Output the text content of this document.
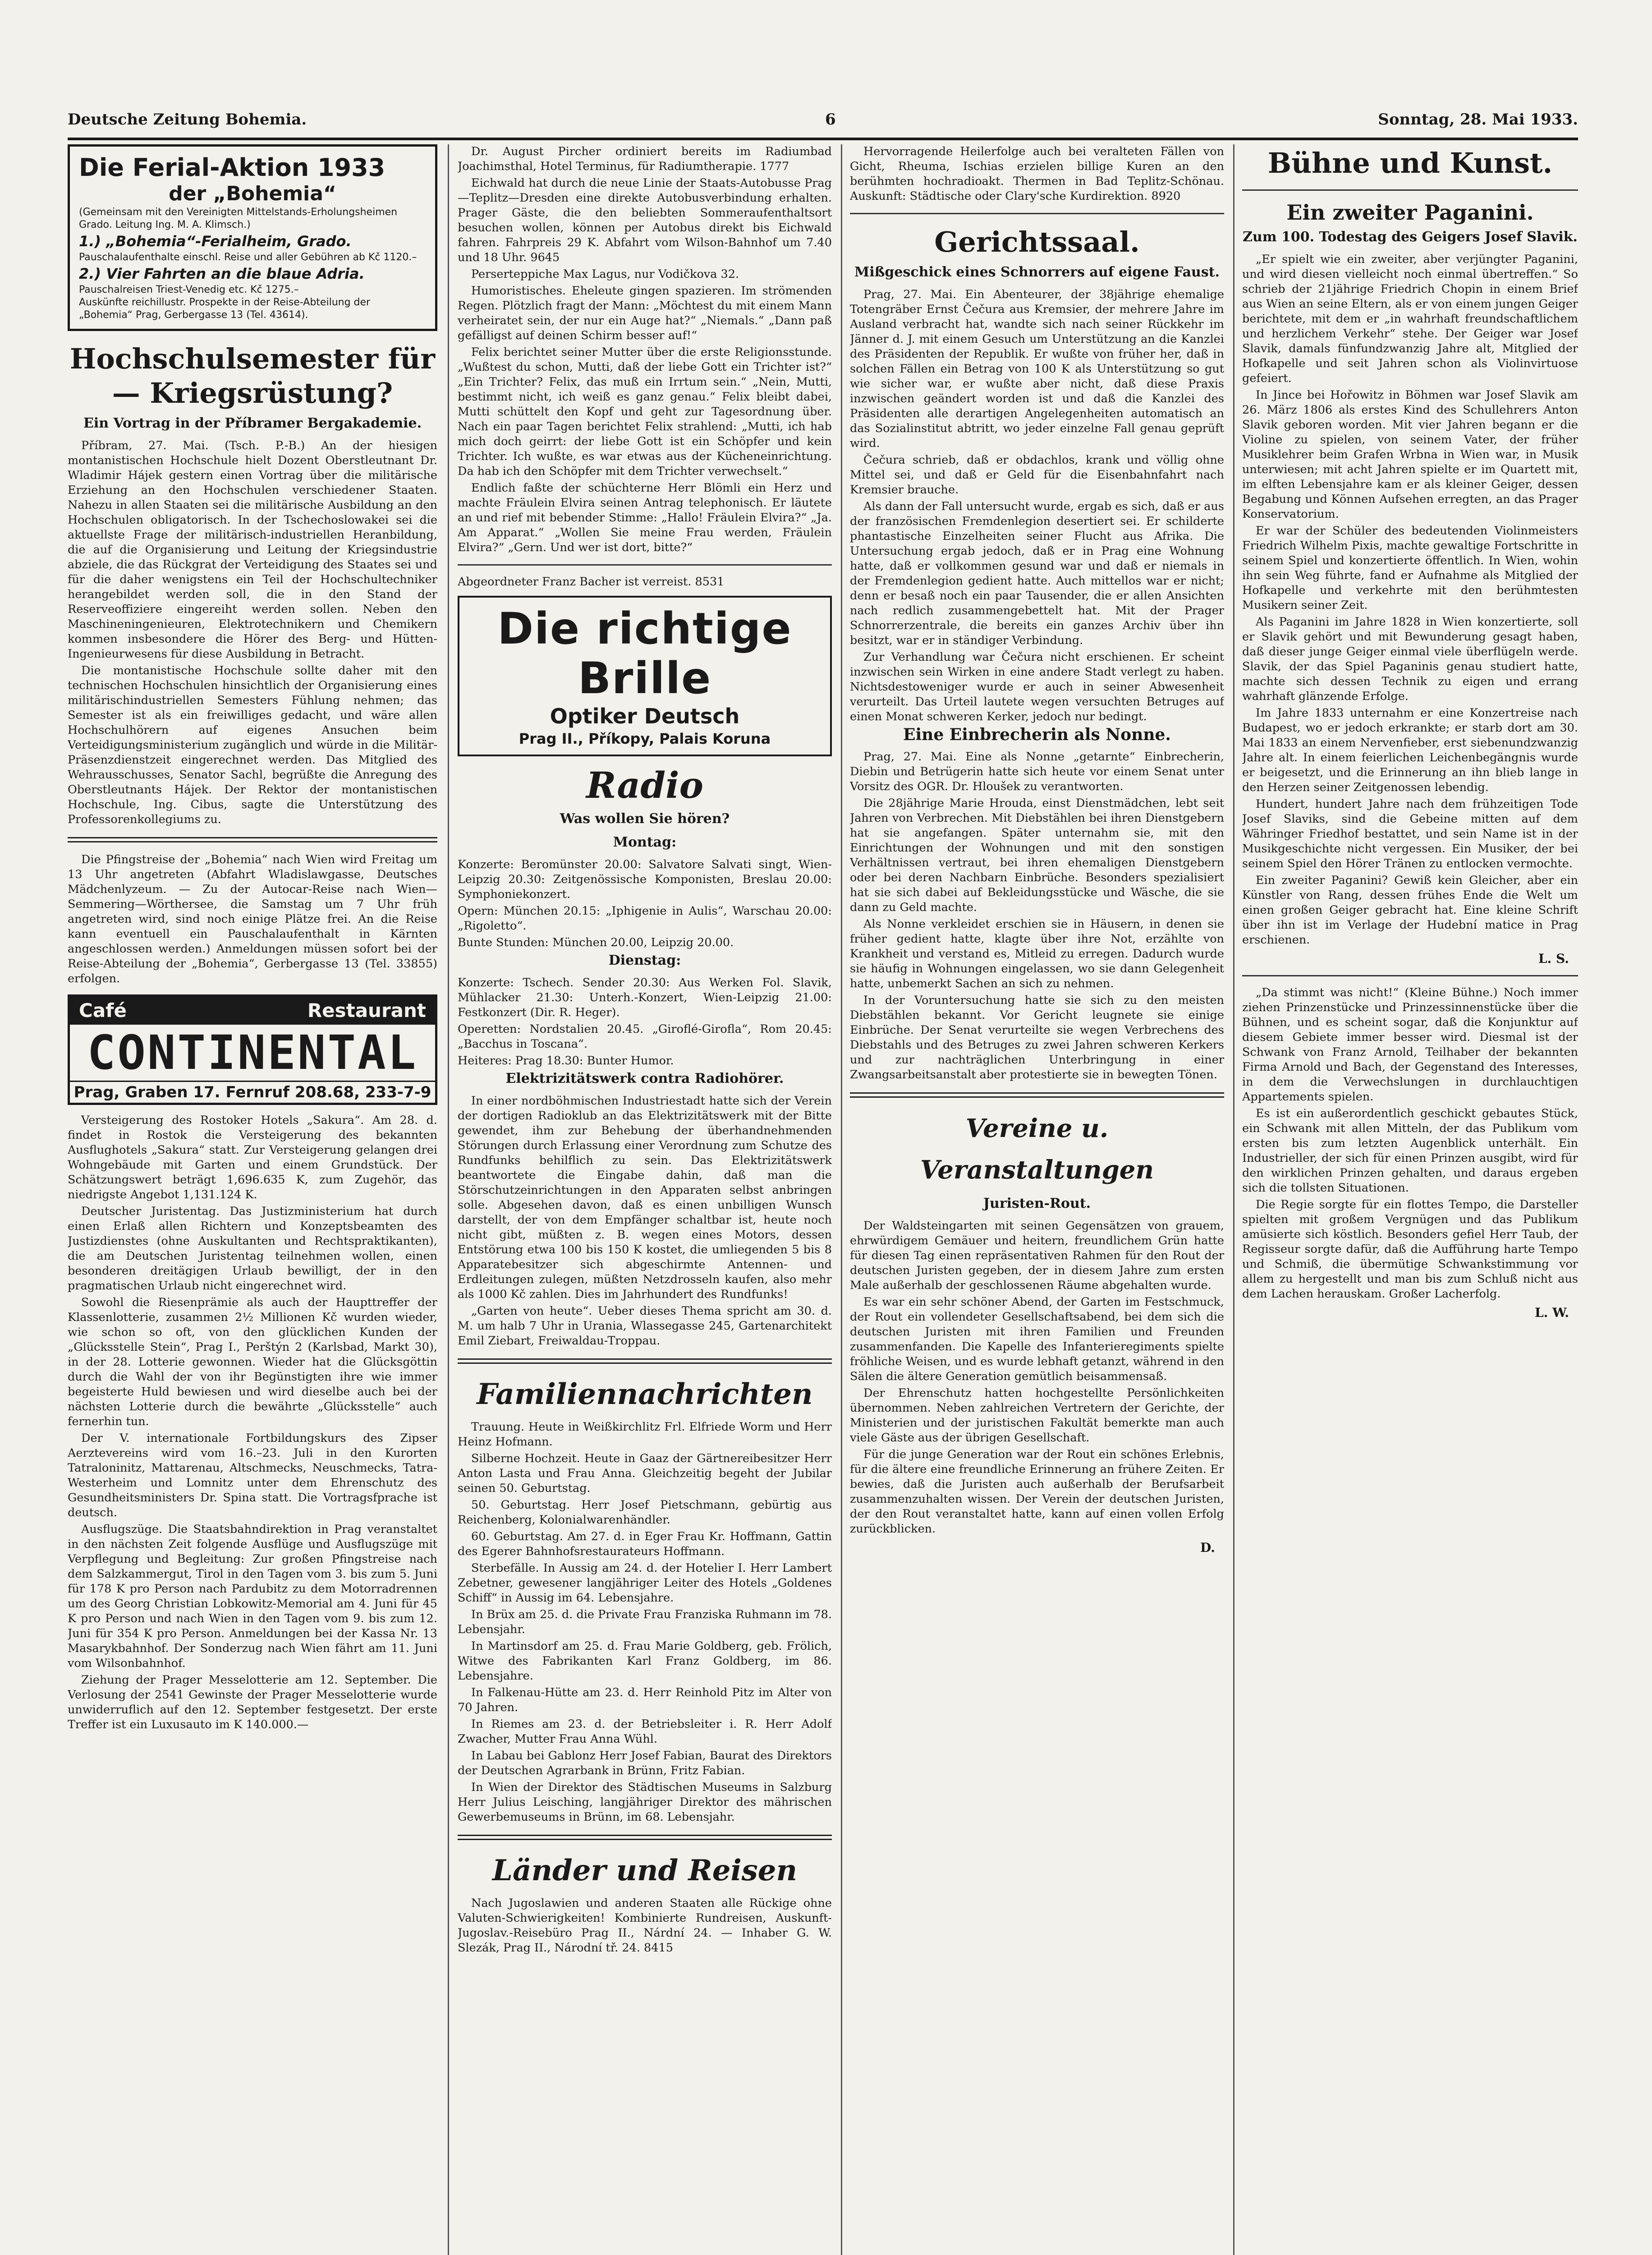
Deutsche Zeitung Bohemia.	6	Sonntag, 28. Mai 1933.
Die Ferial-Aktion 1933
der „Bohemia“
(Gemeinsam mit den Vereinigten Mittelstands-Erholungsheimen Grado. Leitung Ing. M. A. Klimsch.)
1.) „Bohemia“-Ferialheim, Grado.
Pauschalaufenthalte einschl. Reise und aller Gebühren ab Kč 1120.–
2.) Vier Fahrten an die blaue Adria.
Pauschalreisen Triest-Venedig etc. Kč 1275.–
Auskünfte reichillustr. Prospekte in der Reise-Abteilung der „Bohemia“ Prag, Gerbergasse 13 (Tel. 43614).
Hochschulsemester für — Kriegsrüstung?
Ein Vortrag in der Příbramer Bergakademie.

Příbram, 27. Mai. (Tsch. P.-B.) An der hiesigen montanistischen Hochschule hielt Dozent Oberstleutnant Dr. Wladimir Hájek gestern einen Vortrag über die militärische Erziehung an den Hochschulen verschiedener Staaten. Nahezu in allen Staaten sei die militärische Ausbildung an den Hochschulen obligatorisch. In der Tschechoslowakei sei die aktuellste Frage der militärisch-industriellen Heranbildung, die auf die Organisierung und Leitung der Kriegsindustrie abziele, die das Rückgrat der Verteidigung des Staates sei und für die daher wenigstens ein Teil der Hochschultechniker herangebildet werden soll, die in den Stand der Reserveoffiziere eingereiht werden sollen. Neben den Maschineningenieuren, Elektrotechnikern und Chemikern kommen insbesondere die Hörer des Berg- und Hütten-Ingenieurwesens für diese Ausbildung in Betracht.

Die montanistische Hochschule sollte daher mit den technischen Hochschulen hinsichtlich der Organisierung eines militärischindustriellen Semesters Fühlung nehmen; das Semester ist als ein freiwilliges gedacht, und wäre allen Hochschulhörern auf eigenes Ansuchen beim Verteidigungsministerium zugänglich und würde in die Militär-Präsenzdienstzeit eingerechnet werden. Das Mitglied des Wehrausschusses, Senator Sachl, begrüßte die Anregung des Oberstleutnants Hájek. Der Rektor der montanistischen Hochschule, Ing. Cibus, sagte die Unterstützung des Professorenkollegiums zu.

Die Pfingstreise der „Bohemia“ nach Wien wird Freitag um 13 Uhr angetreten (Abfahrt Wladislawgasse, Deutsches Mädchenlyzeum. — Zu der Autocar-Reise nach Wien—Semmering—Wörthersee, die Samstag um 7 Uhr früh angetreten wird, sind noch einige Plätze frei. An die Reise kann eventuell ein Pauschalaufenthalt in Kärnten angeschlossen werden.) Anmeldungen müssen sofort bei der Reise-Abteilung der „Bohemia“, Gerbergasse 13 (Tel. 33855) erfolgen.

Café	Restaurant
CONTINENTAL
Prag, Graben 17. Fernruf 208.68, 233-7-9

Versteigerung des Rostoker Hotels „Sakura“. Am 28. d. findet in Rostok die Versteigerung des bekannten Ausflughotels „Sakura“ statt. Zur Versteigerung gelangen drei Wohngebäude mit Garten und einem Grundstück. Der Schätzungswert beträgt 1,696.635 K, zum Zugehör, das niedrigste Angebot 1,131.124 K.

Deutscher Juristentag. Das Justizministerium hat durch einen Erlaß allen Richtern und Konzeptsbeamten des Justizdienstes (ohne Auskultanten und Rechtspraktikanten), die am Deutschen Juristentag teilnehmen wollen, einen besonderen dreitägigen Urlaub bewilligt, der in den pragmatischen Urlaub nicht eingerechnet wird.

Sowohl die Riesenprämie als auch der Haupttreffer der Klassenlotterie, zusammen 2½ Millionen Kč wurden wieder, wie schon so oft, von den glücklichen Kunden der „Glücksstelle Stein“, Prag I., Perštýn 2 (Karlsbad, Markt 30), in der 28. Lotterie gewonnen. Wieder hat die Glücksgöttin durch die Wahl der von ihr Begünstigten ihre wie immer begeisterte Huld bewiesen und wird dieselbe auch bei der nächsten Lotterie durch die bewährte „Glücksstelle“ auch fernerhin tun.

Der V. internationale Fortbildungskurs des Zipser Aerztevereins wird vom 16.–23. Juli in den Kurorten Tatraloninitz, Mattarenau, Altschmecks, Neuschmecks, Tatra-Westerheim und Lomnitz unter dem Ehrenschutz des Gesundheitsministers Dr. Spina statt. Die Vortragsfprache ist deutsch.

Ausflugszüge. Die Staatsbahndirektion in Prag veranstaltet in den nächsten Zeit folgende Ausflüge und Ausflugszüge mit Verpflegung und Begleitung: Zur großen Pfingstreise nach dem Salzkammergut, Tirol in den Tagen vom 3. bis zum 5. Juni für 178 K pro Person nach Pardubitz zu dem Motorradrennen um des Georg Christian Lobkowitz-Memorial am 4. Juni für 45 K pro Person und nach Wien in den Tagen vom 9. bis zum 12. Juni für 354 K pro Person. Anmeldungen bei der Kassa Nr. 13 Masarykbahnhof. Der Sonderzug nach Wien fährt am 11. Juni vom Wilsonbahnhof.

Ziehung der Prager Messelotterie am 12. September. Die Verlosung der 2541 Gewinste der Prager Messelotterie wurde unwiderruflich auf den 12. September festgesetzt. Der erste Treffer ist ein Luxusauto im K 140.000.—

Dr. August Pircher ordiniert bereits im Radiumbad Joachimsthal, Hotel Terminus, für Radiumtherapie. 1777

Eichwald hat durch die neue Linie der Staats-Autobusse Prag—Teplitz—Dresden eine direkte Autobusverbindung erhalten. Prager Gäste, die den beliebten Sommeraufenthaltsort besuchen wollen, können per Autobus direkt bis Eichwald fahren. Fahrpreis 29 K. Abfahrt vom Wilson-Bahnhof um 7.40 und 18 Uhr. 9645

Perserteppiche Max Lagus, nur Vodičkova 32.

Humoristisches. Eheleute gingen spazieren. Im strömenden Regen. Plötzlich fragt der Mann: „Möchtest du mit einem Mann verheiratet sein, der nur ein Auge hat?“ „Niemals.“ „Dann paß gefälligst auf deinen Schirm besser auf!“

Felix berichtet seiner Mutter über die erste Religionsstunde. „Wußtest du schon, Mutti, daß der liebe Gott ein Trichter ist?“ „Ein Trichter? Felix, das muß ein Irrtum sein.“ „Nein, Mutti, bestimmt nicht, ich weiß es ganz genau.“ Felix bleibt dabei, Mutti schüttelt den Kopf und geht zur Tagesordnung über. Nach ein paar Tagen berichtet Felix strahlend: „Mutti, ich hab mich doch geirrt: der liebe Gott ist ein Schöpfer und kein Trichter. Ich wußte, es war etwas aus der Kücheneinrichtung. Da hab ich den Schöpfer mit dem Trichter verwechselt.“

Endlich faßte der schüchterne Herr Blömli ein Herz und machte Fräulein Elvira seinen Antrag telephonisch. Er läutete an und rief mit bebender Stimme: „Hallo! Fräulein Elvira?“ „Ja. Am Apparat.“ „Wollen Sie meine Frau werden, Fräulein Elvira?“ „Gern. Und wer ist dort, bitte?“

Abgeordneter Franz Bacher ist verreist. 8531

Die richtige Brille
Optiker Deutsch
Prag II., Příkopy, Palais Koruna
Radio
Was wollen Sie hören?
Montag:

Konzerte: Beromünster 20.00: Salvatore Salvati singt, Wien-Leipzig 20.30: Zeitgenössische Komponisten, Breslau 20.00: Symphoniekonzert.

Opern: München 20.15: „Iphigenie in Aulis“, Warschau 20.00: „Rigoletto“.

Bunte Stunden: München 20.00, Leipzig 20.00.

Dienstag:

Konzerte: Tschech. Sender 20.30: Aus Werken Fol. Slavik, Mühlacker 21.30: Unterh.-Konzert, Wien-Leipzig 21.00: Festkonzert (Dir. R. Heger).

Operetten: Nordstalien 20.45. „Giroflé-Girofla“, Rom 20.45: „Bacchus in Toscana“.

Heiteres: Prag 18.30: Bunter Humor.

Elektrizitätswerk contra Radiohörer.

In einer nordböhmischen Industriestadt hatte sich der Verein der dortigen Radioklub an das Elektrizitätswerk mit der Bitte gewendet, ihm zur Behebung der überhandnehmenden Störungen durch Erlassung einer Verordnung zum Schutze des Rundfunks behilflich zu sein. Das Elektrizitätswerk beantwortete die Eingabe dahin, daß man die Störschutzeinrichtungen in den Apparaten selbst anbringen solle. Abgesehen davon, daß es einen unbilligen Wunsch darstellt, der von dem Empfänger schaltbar ist, heute noch nicht gibt, müßten z. B. wegen eines Motors, dessen Entstörung etwa 100 bis 150 K kostet, die umliegenden 5 bis 8 Apparatebesitzer sich abgeschirmte Antennen- und Erdleitungen zulegen, müßten Netzdrosseln kaufen, also mehr als 1000 Kč zahlen. Dies im Jahrhundert des Rundfunks!

„Garten von heute“. Ueber dieses Thema spricht am 30. d. M. um halb 7 Uhr in Urania, Wlassegasse 245, Gartenarchitekt Emil Ziebart, Freiwaldau-Troppau.

Familiennachrichten

Trauung. Heute in Weißkirchlitz Frl. Elfriede Worm und Herr Heinz Hofmann.

Silberne Hochzeit. Heute in Gaaz der Gärtnereibesitzer Herr Anton Lasta und Frau Anna. Gleichzeitig begeht der Jubilar seinen 50. Geburtstag.

50. Geburtstag. Herr Josef Pietschmann, gebürtig aus Reichenberg, Kolonialwarenhändler.

60. Geburtstag. Am 27. d. in Eger Frau Kr. Hoffmann, Gattin des Egerer Bahnhofsrestaurateurs Hoffmann.

Sterbefälle. In Aussig am 24. d. der Hotelier I. Herr Lambert Zebetner, gewesener langjähriger Leiter des Hotels „Goldenes Schiff“ in Aussig im 64. Lebensjahre.

In Brüx am 25. d. die Private Frau Franziska Ruhmann im 78. Lebensjahr.

In Martinsdorf am 25. d. Frau Marie Goldberg, geb. Frölich, Witwe des Fabrikanten Karl Franz Goldberg, im 86. Lebensjahre.

In Falkenau-Hütte am 23. d. Herr Reinhold Pitz im Alter von 70 Jahren.

In Riemes am 23. d. der Betriebsleiter i. R. Herr Adolf Zwacher, Mutter Frau Anna Wühl.

In Labau bei Gablonz Herr Josef Fabian, Baurat des Direktors der Deutschen Agrarbank in Brünn, Fritz Fabian.

In Wien der Direktor des Städtischen Museums in Salzburg Herr Julius Leisching, langjähriger Direktor des mährischen Gewerbemuseums in Brünn, im 68. Lebensjahr.

Länder und Reisen

Nach Jugoslawien und anderen Staaten alle Rückige ohne Valuten-Schwierigkeiten! Kombinierte Rundreisen, Auskunft-Jugoslav.-Reisebüro Prag II., Nárdní 24. — Inhaber G. W. Slezák, Prag II., Národní tř. 24. 8415

Hervorragende Heilerfolge auch bei veralteten Fällen von Gicht, Rheuma, Ischias erzielen billige Kuren an den berühmten hochradioakt. Thermen in Bad Teplitz-Schönau. Auskunft: Städtische oder Clary'sche Kurdirektion. 8920

Gerichtssaal.
Mißgeschick eines Schnorrers auf eigene Faust.

Prag, 27. Mai. Ein Abenteurer, der 38jährige ehemalige Totengräber Ernst Čečura aus Kremsier, der mehrere Jahre im Ausland verbracht hat, wandte sich nach seiner Rückkehr im Jänner d. J. mit einem Gesuch um Unterstützung an die Kanzlei des Präsidenten der Republik. Er wußte von früher her, daß in solchen Fällen ein Betrag von 100 K als Unterstützung so gut wie sicher war, er wußte aber nicht, daß diese Praxis inzwischen geändert worden ist und daß die Kanzlei des Präsidenten alle derartigen Angelegenheiten automatisch an das Sozialinstitut abtritt, wo jeder einzelne Fall genau geprüft wird.

Čečura schrieb, daß er obdachlos, krank und völlig ohne Mittel sei, und daß er Geld für die Eisenbahnfahrt nach Kremsier brauche.

Als dann der Fall untersucht wurde, ergab es sich, daß er aus der französischen Fremdenlegion desertiert sei. Er schilderte phantastische Einzelheiten seiner Flucht aus Afrika. Die Untersuchung ergab jedoch, daß er in Prag eine Wohnung hatte, daß er vollkommen gesund war und daß er niemals in der Fremdenlegion gedient hatte. Auch mittellos war er nicht; denn er besaß noch ein paar Tausender, die er allen Ansichten nach redlich zusammengebettelt hat. Mit der Prager Schnorrerzentrale, die bereits ein ganzes Archiv über ihn besitzt, war er in ständiger Verbindung.

Zur Verhandlung war Čečura nicht erschienen. Er scheint inzwischen sein Wirken in eine andere Stadt verlegt zu haben. Nichtsdestoweniger wurde er auch in seiner Abwesenheit verurteilt. Das Urteil lautete wegen versuchten Betruges auf einen Monat schweren Kerker, jedoch nur bedingt.

Eine Einbrecherin als Nonne.

Prag, 27. Mai. Eine als Nonne „getarnte“ Einbrecherin, Diebin und Betrügerin hatte sich heute vor einem Senat unter Vorsitz des OGR. Dr. Hloušek zu verantworten.

Die 28jährige Marie Hrouda, einst Dienstmädchen, lebt seit Jahren von Verbrechen. Mit Diebstählen bei ihren Dienstgebern hat sie angefangen. Später unternahm sie, mit den Einrichtungen der Wohnungen und mit den sonstigen Verhältnissen vertraut, bei ihren ehemaligen Dienstgebern oder bei deren Nachbarn Einbrüche. Besonders spezialisiert hat sie sich dabei auf Bekleidungsstücke und Wäsche, die sie dann zu Geld machte.

Als Nonne verkleidet erschien sie in Häusern, in denen sie früher gedient hatte, klagte über ihre Not, erzählte von Krankheit und verstand es, Mitleid zu erregen. Dadurch wurde sie häufig in Wohnungen eingelassen, wo sie dann Gelegenheit hatte, unbemerkt Sachen an sich zu nehmen.

In der Voruntersuchung hatte sie sich zu den meisten Diebstählen bekannt. Vor Gericht leugnete sie einige Einbrüche. Der Senat verurteilte sie wegen Verbrechens des Diebstahls und des Betruges zu zwei Jahren schweren Kerkers und zur nachträglichen Unterbringung in einer Zwangsarbeitsanstalt aber protestierte sie in bewegten Tönen.

Vereine u. Veranstaltungen
Juristen-Rout.

Der Waldsteingarten mit seinen Gegensätzen von grauem, ehrwürdigem Gemäuer und heitern, freundlichem Grün hatte für diesen Tag einen repräsentativen Rahmen für den Rout der deutschen Juristen gegeben, der in diesem Jahre zum ersten Male außerhalb der geschlossenen Räume abgehalten wurde.

Es war ein sehr schöner Abend, der Garten im Festschmuck, der Rout ein vollendeter Gesellschaftsabend, bei dem sich die deutschen Juristen mit ihren Familien und Freunden zusammenfanden. Die Kapelle des Infanterieregiments spielte fröhliche Weisen, und es wurde lebhaft getanzt, während in den Sälen die ältere Generation gemütlich beisammensaß.

Der Ehrenschutz hatten hochgestellte Persönlichkeiten übernommen. Neben zahlreichen Vertretern der Gerichte, der Ministerien und der juristischen Fakultät bemerkte man auch viele Gäste aus der übrigen Gesellschaft.

Für die junge Generation war der Rout ein schönes Erlebnis, für die ältere eine freundliche Erinnerung an frühere Zeiten. Er bewies, daß die Juristen auch außerhalb der Berufsarbeit zusammenzuhalten wissen. Der Verein der deutschen Juristen, der den Rout veranstaltet hatte, kann auf einen vollen Erfolg zurückblicken.

D.
Bühne und Kunst.
Ein zweiter Paganini.
Zum 100. Todestag des Geigers Josef Slavik.

„Er spielt wie ein zweiter, aber verjüngter Paganini, und wird diesen vielleicht noch einmal übertreffen.“ So schrieb der 21jährige Friedrich Chopin in einem Brief aus Wien an seine Eltern, als er von einem jungen Geiger berichtete, mit dem er „in wahrhaft freundschaftlichem und herzlichem Verkehr“ stehe. Der Geiger war Josef Slavik, damals fünfundzwanzig Jahre alt, Mitglied der Hofkapelle und seit Jahren schon als Violinvirtuose gefeiert.

In Jince bei Hořowitz in Böhmen war Josef Slavik am 26. März 1806 als erstes Kind des Schullehrers Anton Slavik geboren worden. Mit vier Jahren begann er die Violine zu spielen, von seinem Vater, der früher Musiklehrer beim Grafen Wrbna in Wien war, in Musik unterwiesen; mit acht Jahren spielte er im Quartett mit, im elften Lebensjahre kam er als kleiner Geiger, dessen Begabung und Können Aufsehen erregten, an das Prager Konservatorium.

Er war der Schüler des bedeutenden Violinmeisters Friedrich Wilhelm Pixis, machte gewaltige Fortschritte in seinem Spiel und konzertierte öffentlich. In Wien, wohin ihn sein Weg führte, fand er Aufnahme als Mitglied der Hofkapelle und verkehrte mit den berühmtesten Musikern seiner Zeit.

Als Paganini im Jahre 1828 in Wien konzertierte, soll er Slavik gehört und mit Bewunderung gesagt haben, daß dieser junge Geiger einmal viele überflügeln werde. Slavik, der das Spiel Paganinis genau studiert hatte, machte sich dessen Technik zu eigen und errang wahrhaft glänzende Erfolge.

Im Jahre 1833 unternahm er eine Konzertreise nach Budapest, wo er jedoch erkrankte; er starb dort am 30. Mai 1833 an einem Nervenfieber, erst siebenundzwanzig Jahre alt. In einem feierlichen Leichenbegängnis wurde er beigesetzt, und die Erinnerung an ihn blieb lange in den Herzen seiner Zeitgenossen lebendig.

Hundert, hundert Jahre nach dem frühzeitigen Tode Josef Slaviks, sind die Gebeine mitten auf dem Währinger Friedhof bestattet, und sein Name ist in der Musikgeschichte nicht vergessen. Ein Musiker, der bei seinem Spiel den Hörer Tränen zu entlocken vermochte.

Ein zweiter Paganini? Gewiß kein Gleicher, aber ein Künstler von Rang, dessen frühes Ende die Welt um einen großen Geiger gebracht hat. Eine kleine Schrift über ihn ist im Verlage der Hudební matice in Prag erschienen.

L. S.

„Da stimmt was nicht!“ (Kleine Bühne.) Noch immer ziehen Prinzenstücke und Prinzessinnenstücke über die Bühnen, und es scheint sogar, daß die Konjunktur auf diesem Gebiete immer besser wird. Diesmal ist der Schwank von Franz Arnold, Teilhaber der bekannten Firma Arnold und Bach, der Gegenstand des Interesses, in dem die Verwechslungen in durchlauchtigen Appartements spielen.

Es ist ein außerordentlich geschickt gebautes Stück, ein Schwank mit allen Mitteln, der das Publikum vom ersten bis zum letzten Augenblick unterhält. Ein Industrieller, der sich für einen Prinzen ausgibt, wird für den wirklichen Prinzen gehalten, und daraus ergeben sich die tollsten Situationen.

Die Regie sorgte für ein flottes Tempo, die Darsteller spielten mit großem Vergnügen und das Publikum amüsierte sich köstlich. Besonders gefiel Herr Taub, der Regisseur sorgte dafür, daß die Aufführung harte Tempo und Schmiß, die übermütige Schwankstimmung vor allem zu hergestellt und man bis zum Schluß nicht aus dem Lachen herauskam. Großer Lacherfolg.

L. W.
